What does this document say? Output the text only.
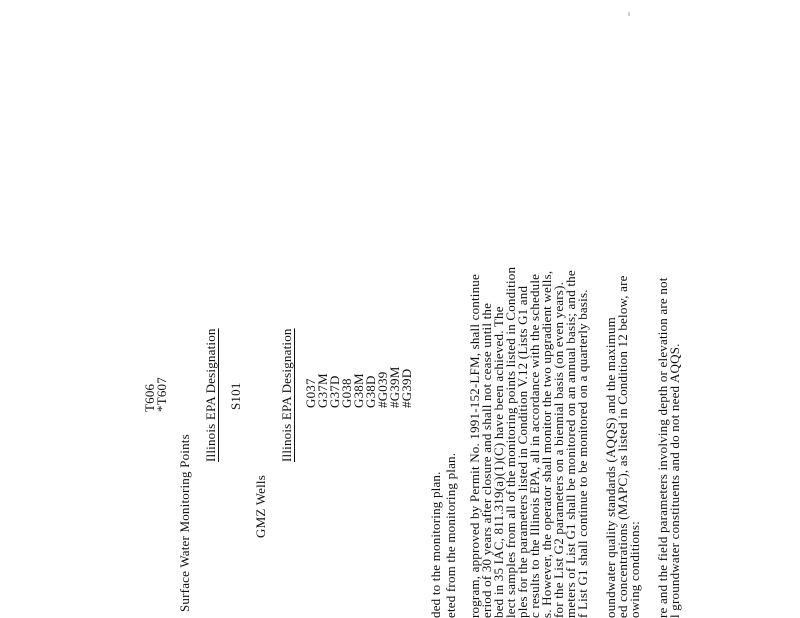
T606
*T607
Surface Water Monitoring Points
Illinois EPA Designation S101
GMZ Wells
Illinois EPA Designation G037
G37M
G37D
G038
G38M
G38D
#G039
#G39M
#G39D
ded to the monitoring plan. eted from the monitoring plan. rogram, approved by Permit No. 1991-152-LFM, shall continue
eriod of 30 years after closure and shall not cease until the
bed in 35 IAC, 811.319(a)(1)(C) have been achieved. The
lect samples from all of the monitoring points listed in Condition
ples for the parameters listed in Condition V.12 (Lists G1 and
c results to the Illinois EPA, all in accordance with the schedule
s. However, the operator shall monitor the two upgradient wells,
for the List G2 parameters on a biennial basis (on even years).
meters of List G1 shall be monitored on an annual basis; and the
f List G1 shall continue to be monitored on a quarterly basis. oundwater quality standards (AQQS) and the maximum
ed concentrations (MAPC), as listed in Condition 12 below, are
owing conditions: re and the field parameters involving depth or elevation are not
l groundwater constituents and do not need AQQS.
